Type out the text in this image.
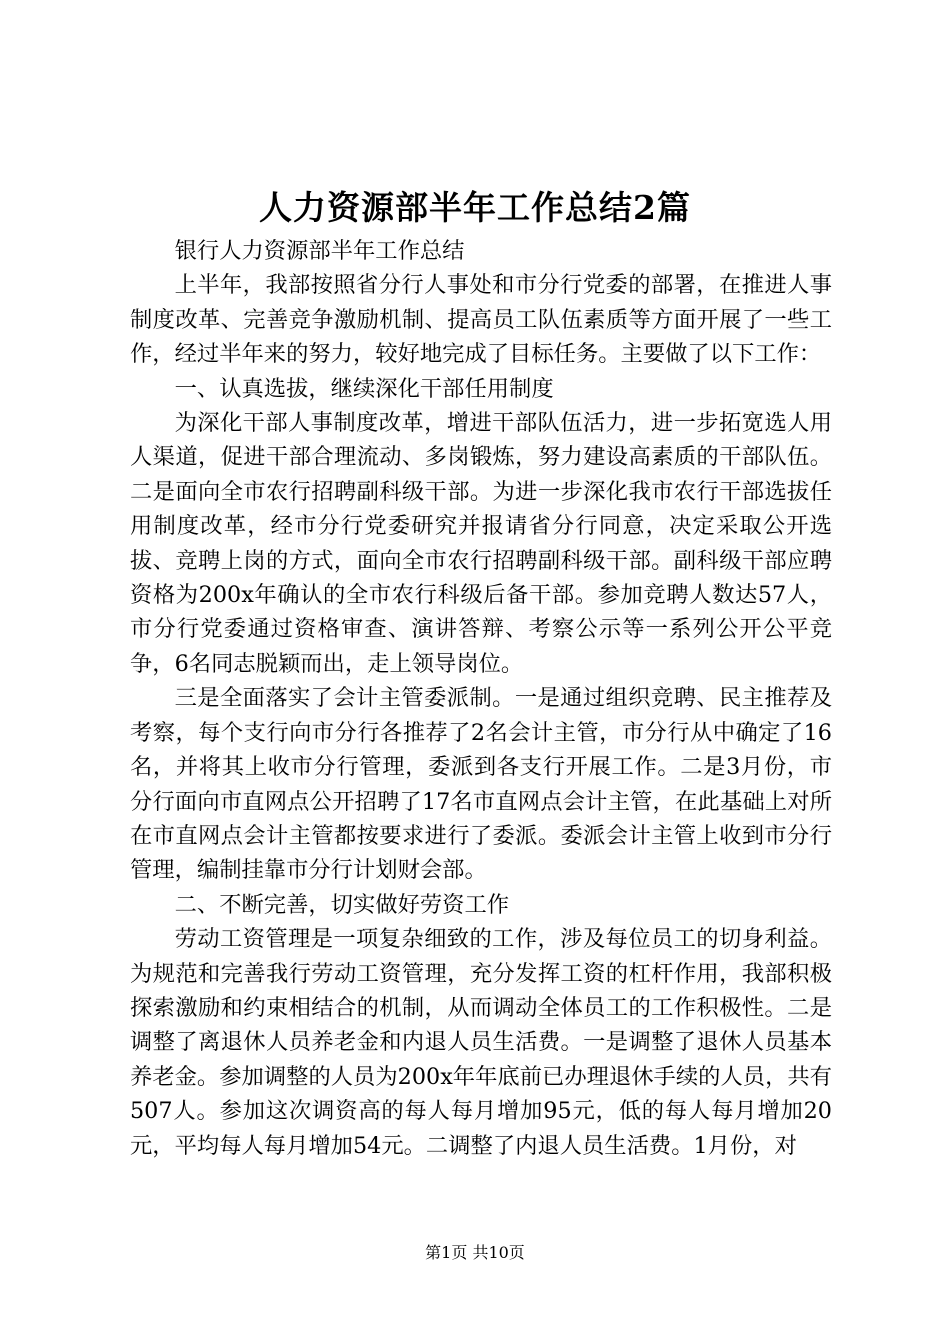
人力资源部半年工作总结2篇

银行人力资源部半年工作总结

上半年，我部按照省分行人事处和市分行党委的部署，在推进人事制度改革、完善竞争激励机制、提高员工队伍素质等方面开展了一些工作，经过半年来的努力，较好地完成了目标任务。主要做了以下工作：

一、认真选拔，继续深化干部任用制度

为深化干部人事制度改革，增进干部队伍活力，进一步拓宽选人用人渠道，促进干部合理流动、多岗锻炼，努力建设高素质的干部队伍。二是面向全市农行招聘副科级干部。为进一步深化我市农行干部选拔任用制度改革，经市分行党委研究并报请省分行同意，决定采取公开选拔、竞聘上岗的方式，面向全市农行招聘副科级干部。副科级干部应聘资格为200x年确认的全市农行科级后备干部。参加竞聘人数达57人，市分行党委通过资格审查、演讲答辩、考察公示等一系列公开公平竞争，6名同志脱颖而出，走上领导岗位。

三是全面落实了会计主管委派制。一是通过组织竞聘、民主推荐及考察，每个支行向市分行各推荐了2名会计主管，市分行从中确定了16名，并将其上收市分行管理，委派到各支行开展工作。二是3月份，市分行面向市直网点公开招聘了17名市直网点会计主管，在此基础上对所在市直网点会计主管都按要求进行了委派。委派会计主管上收到市分行管理，编制挂靠市分行计划财会部。

二、不断完善，切实做好劳资工作

劳动工资管理是一项复杂细致的工作，涉及每位员工的切身利益。为规范和完善我行劳动工资管理，充分发挥工资的杠杆作用，我部积极探索激励和约束相结合的机制，从而调动全体员工的工作积极性。二是调整了离退休人员养老金和内退人员生活费。一是调整了退休人员基本养老金。参加调整的人员为200x年年底前已办理退休手续的人员，共有507人。参加这次调资高的每人每月增加95元，低的每人每月增加20元，平均每人每月增加54元。二调整了内退人员生活费。1月份，对

第1页 共10页
